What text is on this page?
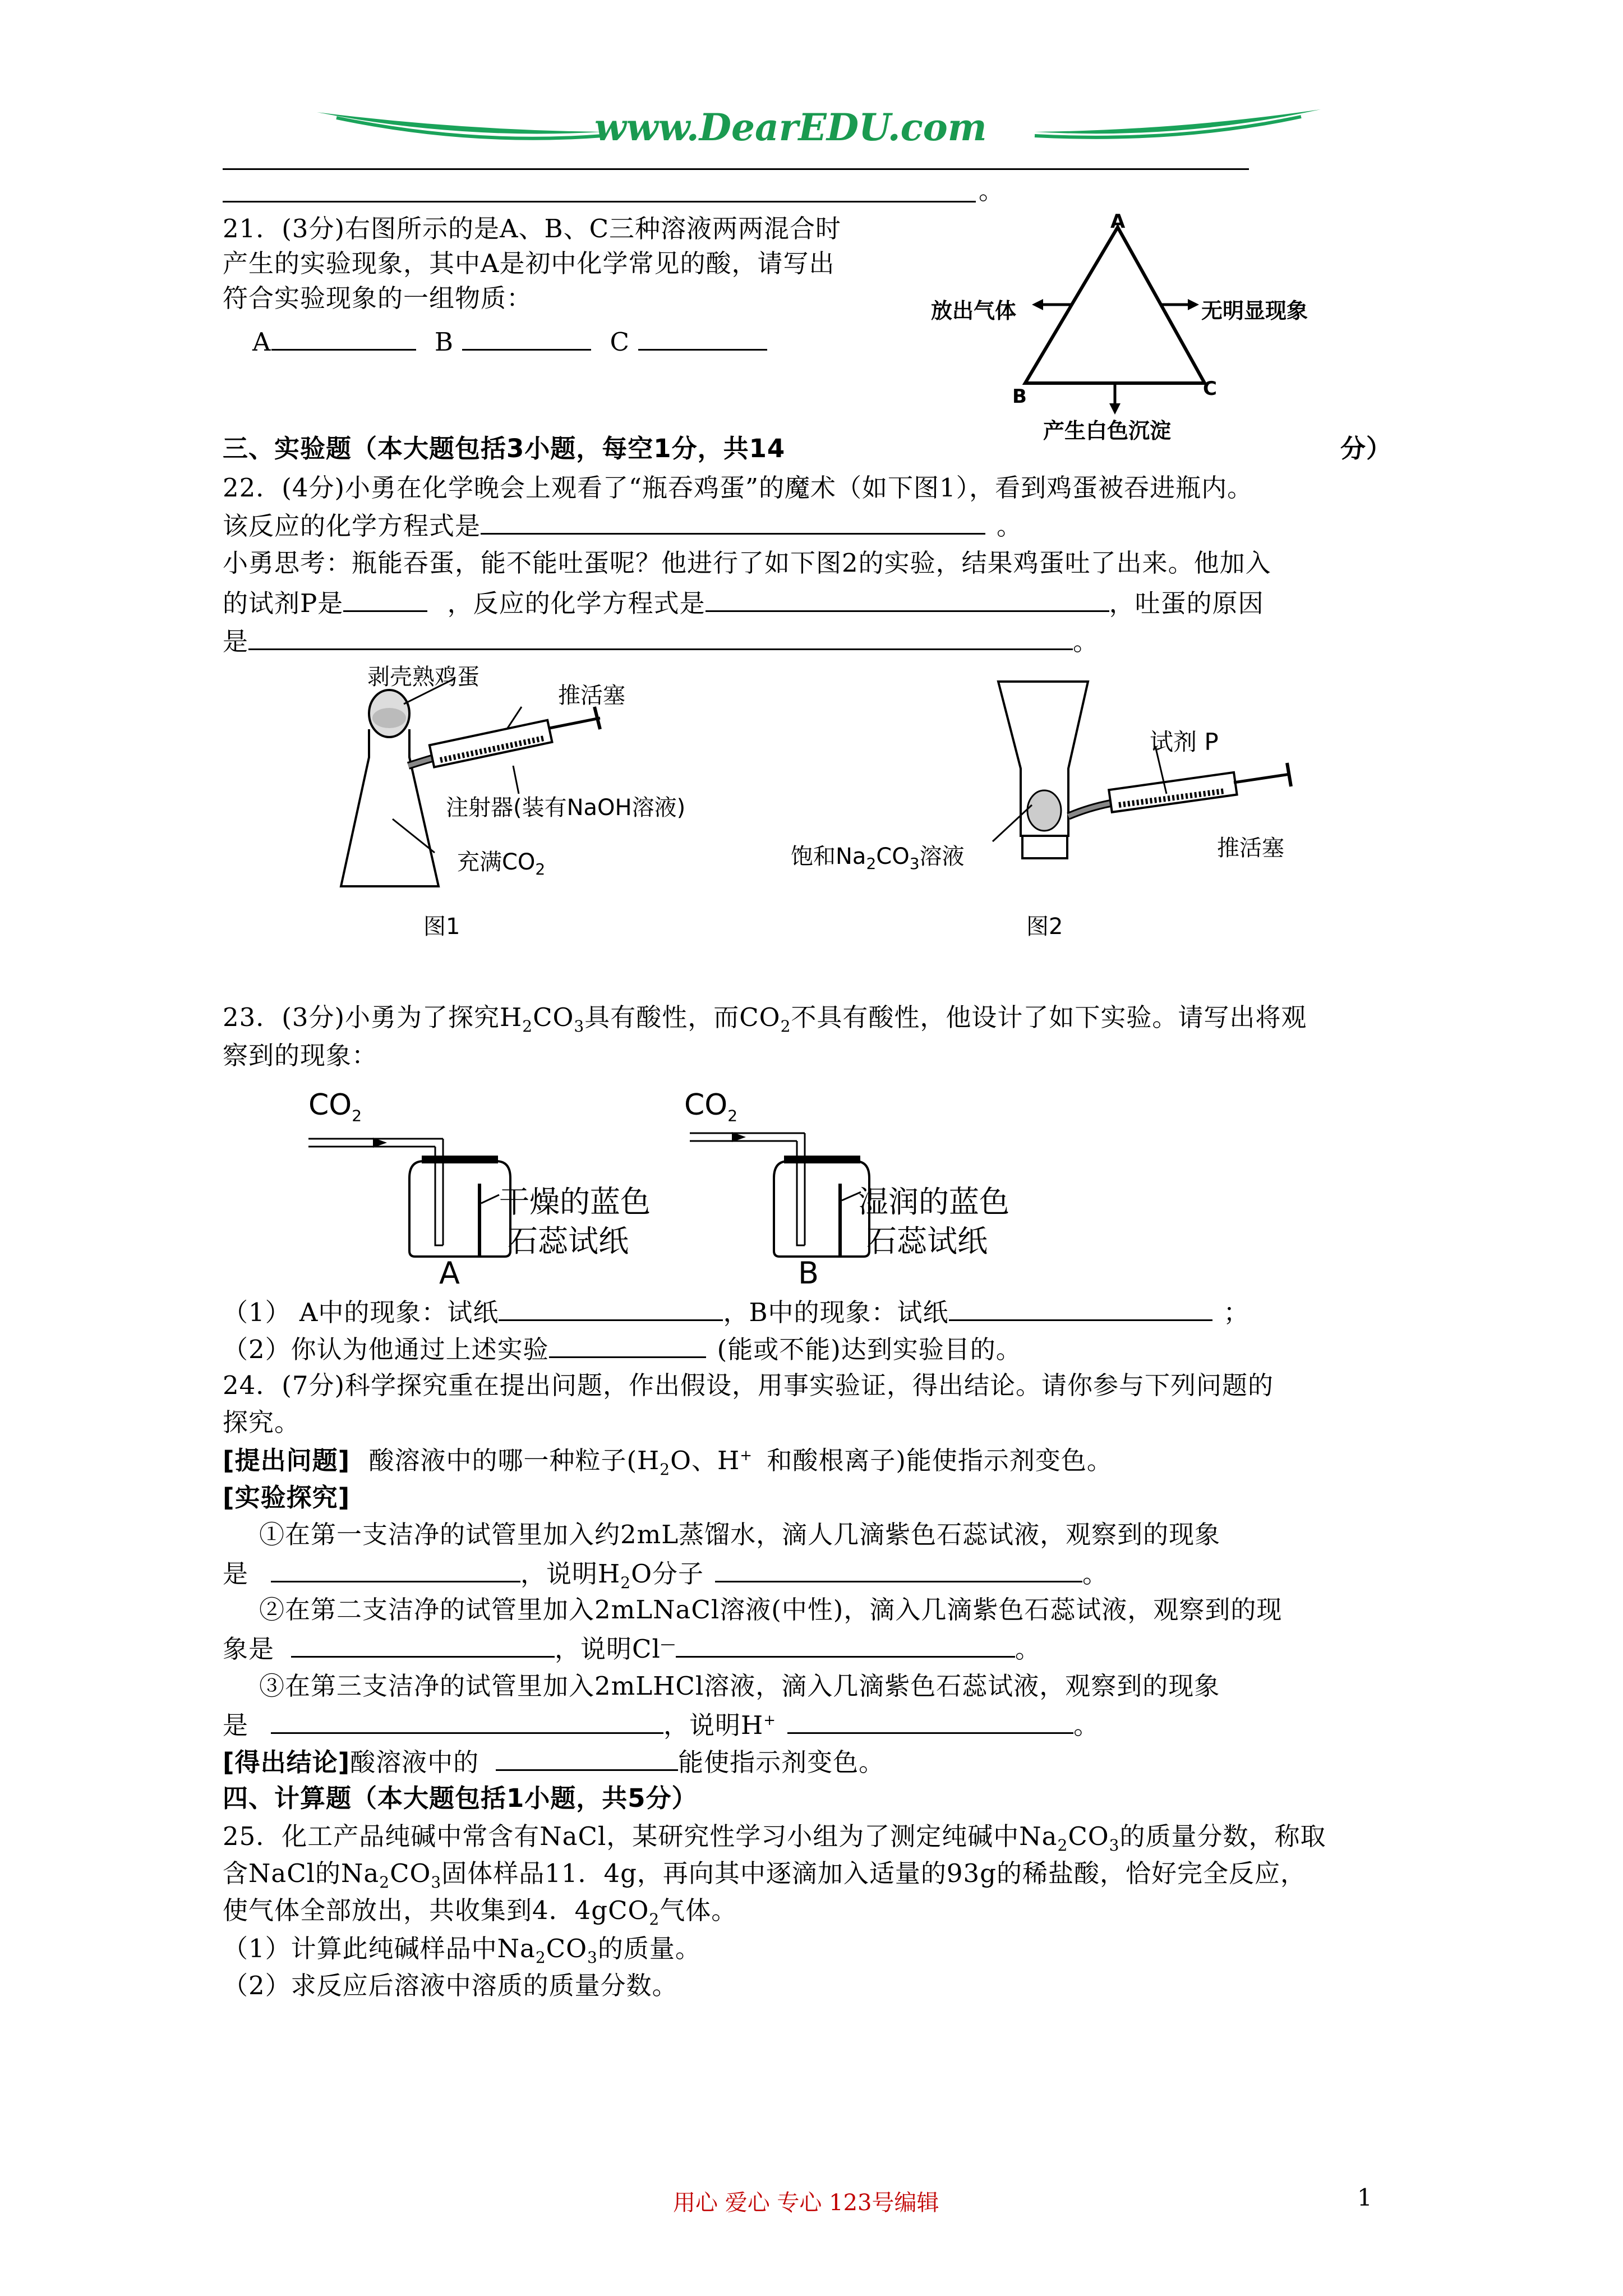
www.DearEDU.com
。
21．(3分)右图所示的是A、B、C三种溶液两两混合时
产生的实验现象，其中A是初中化学常见的酸，请写出
符合实验现象的一组物质：
A	B	C
A
B	C
放出气体	无明显现象
产生白色沉淀
三、实验题（本大题包括3小题，每空1分，共14	分）
22．(4分)小勇在化学晚会上观看了“瓶吞鸡蛋”的魔术（如下图1），看到鸡蛋被吞进瓶内。
该反应的化学方程式是	。
小勇思考：瓶能吞蛋，能不能吐蛋呢？他进行了如下图2的实验，结果鸡蛋吐了出来。他加入
的试剂P是	，反应的化学方程式是	，吐蛋的原因
是	。
剥壳熟鸡蛋
推活塞
注射器(装有NaOH溶液)
充满$CO_2$
图1
试剂 P
饱和$Na_2CO_3$溶液	推活塞
图2
23．(3分)小勇为了探究$H_2CO_3$具有酸性，而$CO_2$不具有酸性，他设计了如下实验。请写出将观
察到的现象：
$CO_2$
干燥的蓝色
石蕊试纸
A
$CO_2$
湿润的蓝色
石蕊试纸
B
（1） A中的现象：试纸	，B中的现象：试纸	；
（2）你认为他通过上述实验	(能或不能)达到实验目的。
24．(7分)科学探究重在提出问题，作出假设，用事实验证，得出结论。请你参与下列问题的
探究。
[提出问题] 酸溶液中的哪一种粒子($H_2O$、H+ 和酸根离子)能使指示剂变色。
[实验探究]
①在第一支洁净的试管里加入约2mL蒸馏水，滴人几滴紫色石蕊试液，观察到的现象
是	，说明$H_2O$分子	。
②在第二支洁净的试管里加入2mLNaCl溶液(中性)，滴入几滴紫色石蕊试液，观察到的现
象是	，说明Cl—	。
③在第三支洁净的试管里加入2mLHCl溶液，滴入几滴紫色石蕊试液，观察到的现象
是	，说明H+	。
[得出结论]酸溶液中的	能使指示剂变色。
四、计算题（本大题包括1小题，共5分）
25．化工产品纯碱中常含有NaCl，某研究性学习小组为了测定纯碱中$Na_2CO_3$的质量分数，称取
含NaCl的$Na_2CO_3$固体样品11．4g，再向其中逐滴加入适量的93g的稀盐酸，恰好完全反应，
使气体全部放出，共收集到4．4gCO$_2$气体。
（1）计算此纯碱样品中$Na_2CO_3$的质量。
（2）求反应后溶液中溶质的质量分数。
用心 爱心 专心 123号编辑	1
